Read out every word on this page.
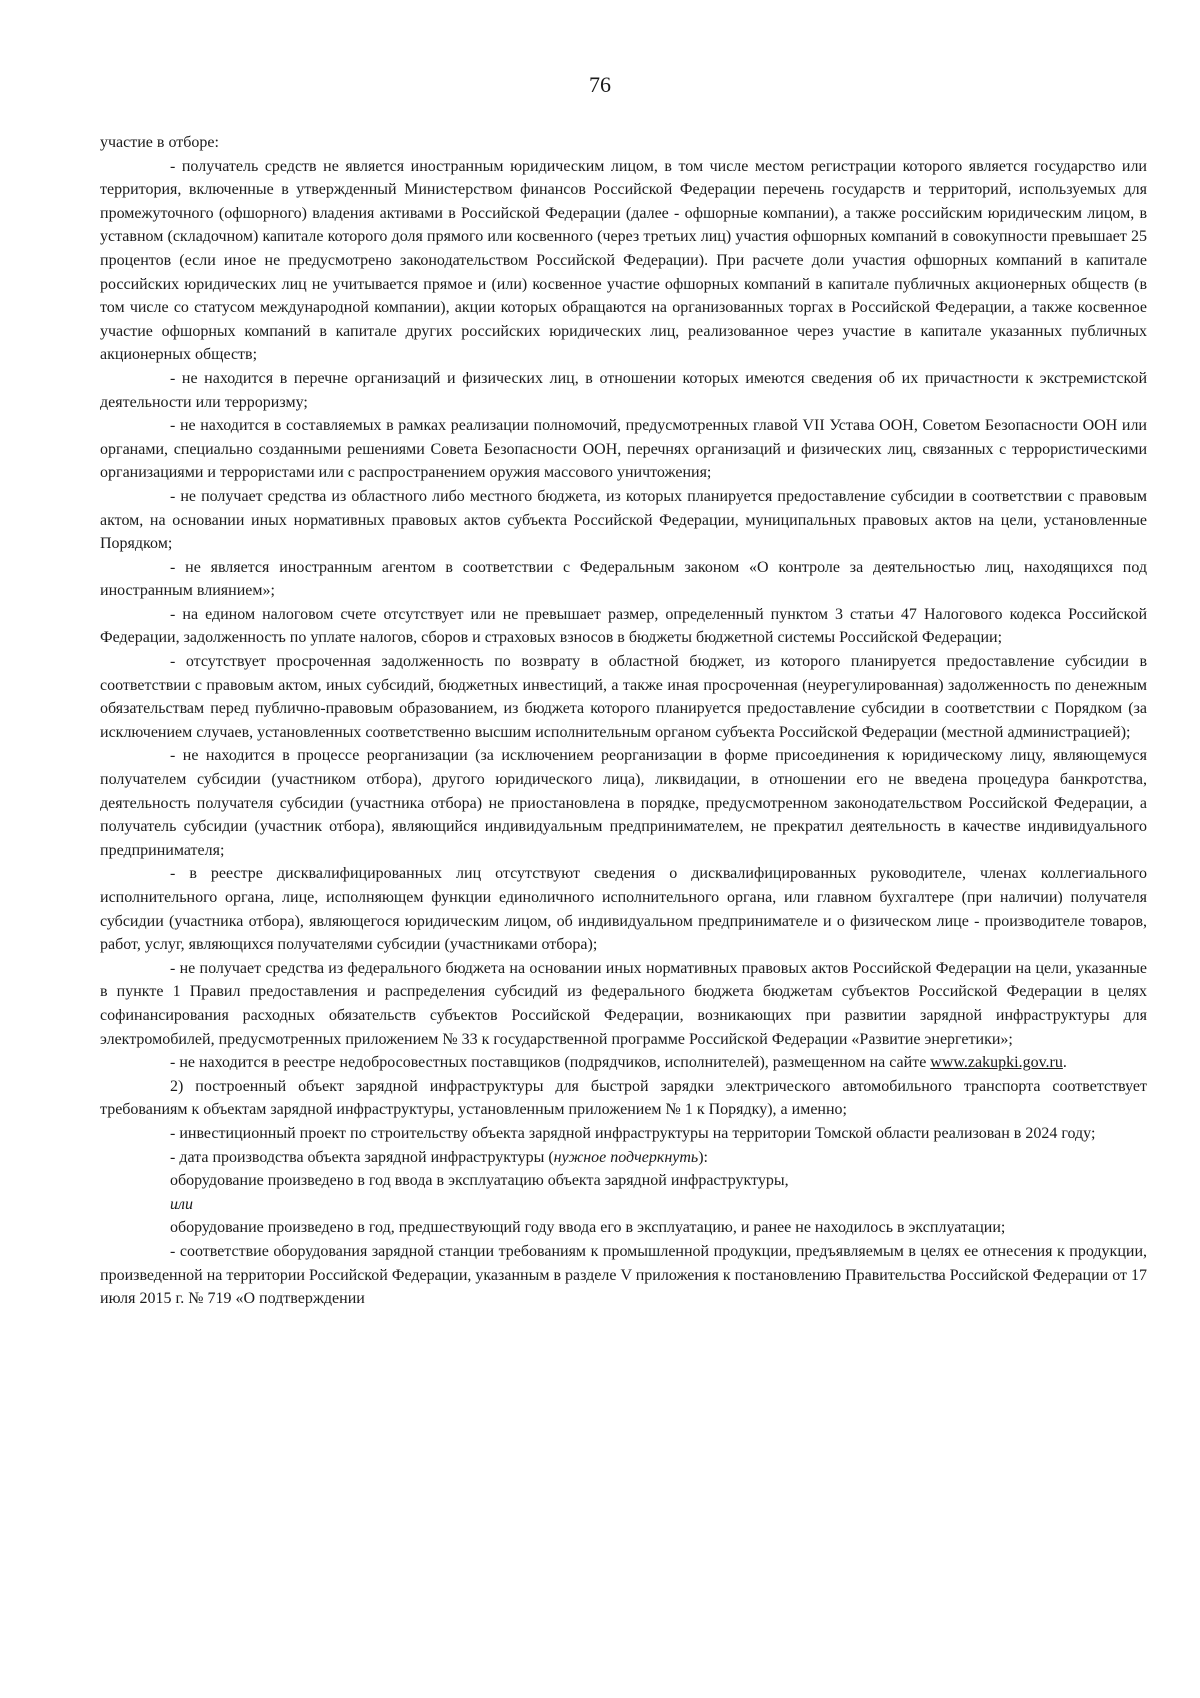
76

участие в отборе:

- получатель средств не является иностранным юридическим лицом, в том числе местом регистрации которого является государство или территория, включенные в утвержденный Министерством финансов Российской Федерации перечень государств и территорий, используемых для промежуточного (офшорного) владения активами в Российской Федерации (далее - офшорные компании), а также российским юридическим лицом, в уставном (складочном) капитале которого доля прямого или косвенного (через третьих лиц) участия офшорных компаний в совокупности превышает 25 процентов (если иное не предусмотрено законодательством Российской Федерации). При расчете доли участия офшорных компаний в капитале российских юридических лиц не учитывается прямое и (или) косвенное участие офшорных компаний в капитале публичных акционерных обществ (в том числе со статусом международной компании), акции которых обращаются на организованных торгах в Российской Федерации, а также косвенное участие офшорных компаний в капитале других российских юридических лиц, реализованное через участие в капитале указанных публичных акционерных обществ;

- не находится в перечне организаций и физических лиц, в отношении которых имеются сведения об их причастности к экстремистской деятельности или терроризму;

- не находится в составляемых в рамках реализации полномочий, предусмотренных главой VII Устава ООН, Советом Безопасности ООН или органами, специально созданными решениями Совета Безопасности ООН, перечнях организаций и физических лиц, связанных с террористическими организациями и террористами или с распространением оружия массового уничтожения;

- не получает средства из областного либо местного бюджета, из которых планируется предоставление субсидии в соответствии с правовым актом, на основании иных нормативных правовых актов субъекта Российской Федерации, муниципальных правовых актов на цели, установленные Порядком;

- не является иностранным агентом в соответствии с Федеральным законом «О контроле за деятельностью лиц, находящихся под иностранным влиянием»;

- на едином налоговом счете отсутствует или не превышает размер, определенный пунктом 3 статьи 47 Налогового кодекса Российской Федерации, задолженность по уплате налогов, сборов и страховых взносов в бюджеты бюджетной системы Российской Федерации;

- отсутствует просроченная задолженность по возврату в областной бюджет, из которого планируется предоставление субсидии в соответствии с правовым актом, иных субсидий, бюджетных инвестиций, а также иная просроченная (неурегулированная) задолженность по денежным обязательствам перед публично-правовым образованием, из бюджета которого планируется предоставление субсидии в соответствии с Порядком (за исключением случаев, установленных соответственно высшим исполнительным органом субъекта Российской Федерации (местной администрацией);

- не находится в процессе реорганизации (за исключением реорганизации в форме присоединения к юридическому лицу, являющемуся получателем субсидии (участником отбора), другого юридического лица), ликвидации, в отношении его не введена процедура банкротства, деятельность получателя субсидии (участника отбора) не приостановлена в порядке, предусмотренном законодательством Российской Федерации, а получатель субсидии (участник отбора), являющийся индивидуальным предпринимателем, не прекратил деятельность в качестве индивидуального предпринимателя;

- в реестре дисквалифицированных лиц отсутствуют сведения о дисквалифицированных руководителе, членах коллегиального исполнительного органа, лице, исполняющем функции единоличного исполнительного органа, или главном бухгалтере (при наличии) получателя субсидии (участника отбора), являющегося юридическим лицом, об индивидуальном предпринимателе и о физическом лице - производителе товаров, работ, услуг, являющихся получателями субсидии (участниками отбора);

- не получает средства из федерального бюджета на основании иных нормативных правовых актов Российской Федерации на цели, указанные в пункте 1 Правил предоставления и распределения субсидий из федерального бюджета бюджетам субъектов Российской Федерации в целях софинансирования расходных обязательств субъектов Российской Федерации, возникающих при развитии зарядной инфраструктуры для электромобилей, предусмотренных приложением № 33 к государственной программе Российской Федерации «Развитие энергетики»;

- не находится в реестре недобросовестных поставщиков (подрядчиков, исполнителей), размещенном на сайте www.zakupki.gov.ru.

2) построенный объект зарядной инфраструктуры для быстрой зарядки электрического автомобильного транспорта соответствует требованиям к объектам зарядной инфраструктуры, установленным приложением № 1 к Порядку), а именно;

- инвестиционный проект по строительству объекта зарядной инфраструктуры на территории Томской области реализован в 2024 году;

- дата производства объекта зарядной инфраструктуры (нужное подчеркнуть):

оборудование произведено в год ввода в эксплуатацию объекта зарядной инфраструктуры,

или

оборудование произведено в год, предшествующий году ввода его в эксплуатацию, и ранее не находилось в эксплуатации;

- соответствие оборудования зарядной станции требованиям к промышленной продукции, предъявляемым в целях ее отнесения к продукции, произведенной на территории Российской Федерации, указанным в разделе V приложения к постановлению Правительства Российской Федерации от 17 июля 2015 г. № 719 «О подтверждении
